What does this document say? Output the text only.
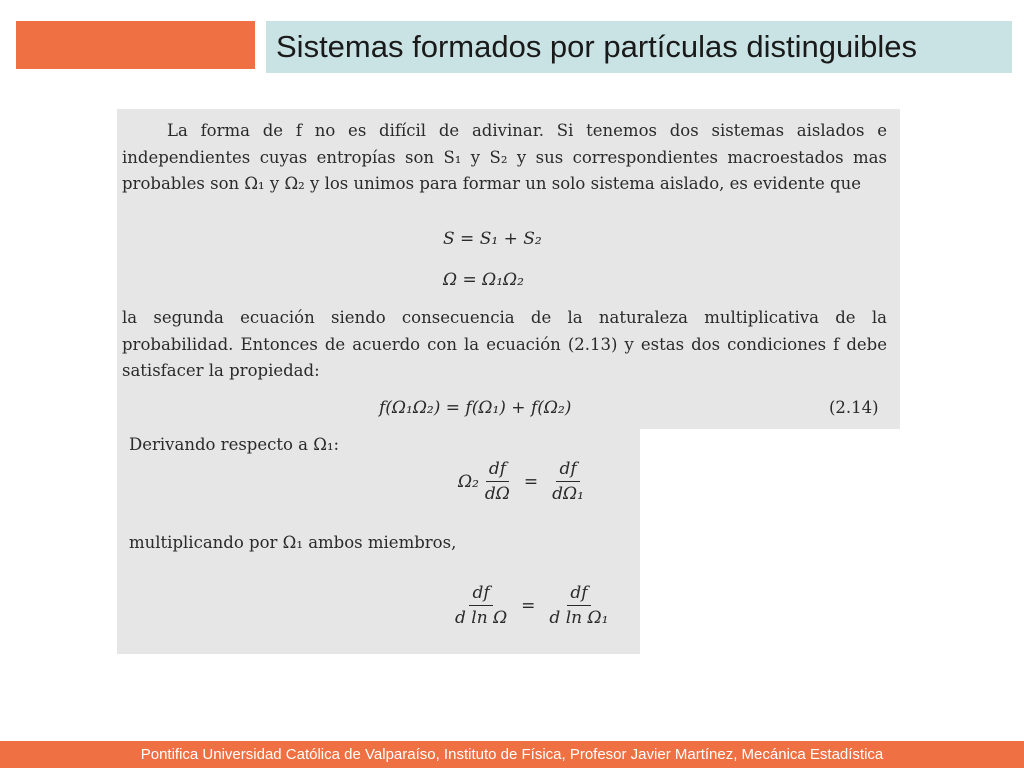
Sistemas formados por partículas distinguibles
La forma de f no es difícil de adivinar. Si tenemos dos sistemas aislados e independientes cuyas entropías son S₁ y S₂ y sus correspondientes macroestados mas probables son Ω₁ y Ω₂ y los unimos para formar un solo sistema aislado, es evidente que
S = S₁ + S₂
Ω = Ω₁Ω₂
la segunda ecuación siendo consecuencia de la naturaleza multiplicativa de la probabilidad. Entonces de acuerdo con la ecuación (2.13) y estas dos condiciones f debe satisfacer la propiedad:
f(Ω₁Ω₂) = f(Ω₁) + f(Ω₂)	(2.14)
Derivando respecto a Ω₁:
$\Omega_2 \frac{df}{d\Omega} = \frac{df}{\text{dΩ₁}}$
multiplicando por Ω₁ ambos miembros,
$\frac{df}{\text{d ln Ω}} = \frac{df}{\text{d ln Ω₁}}$
Pontifica Universidad Católica de Valparaíso, Instituto de Física, Profesor Javier Martínez, Mecánica Estadística
